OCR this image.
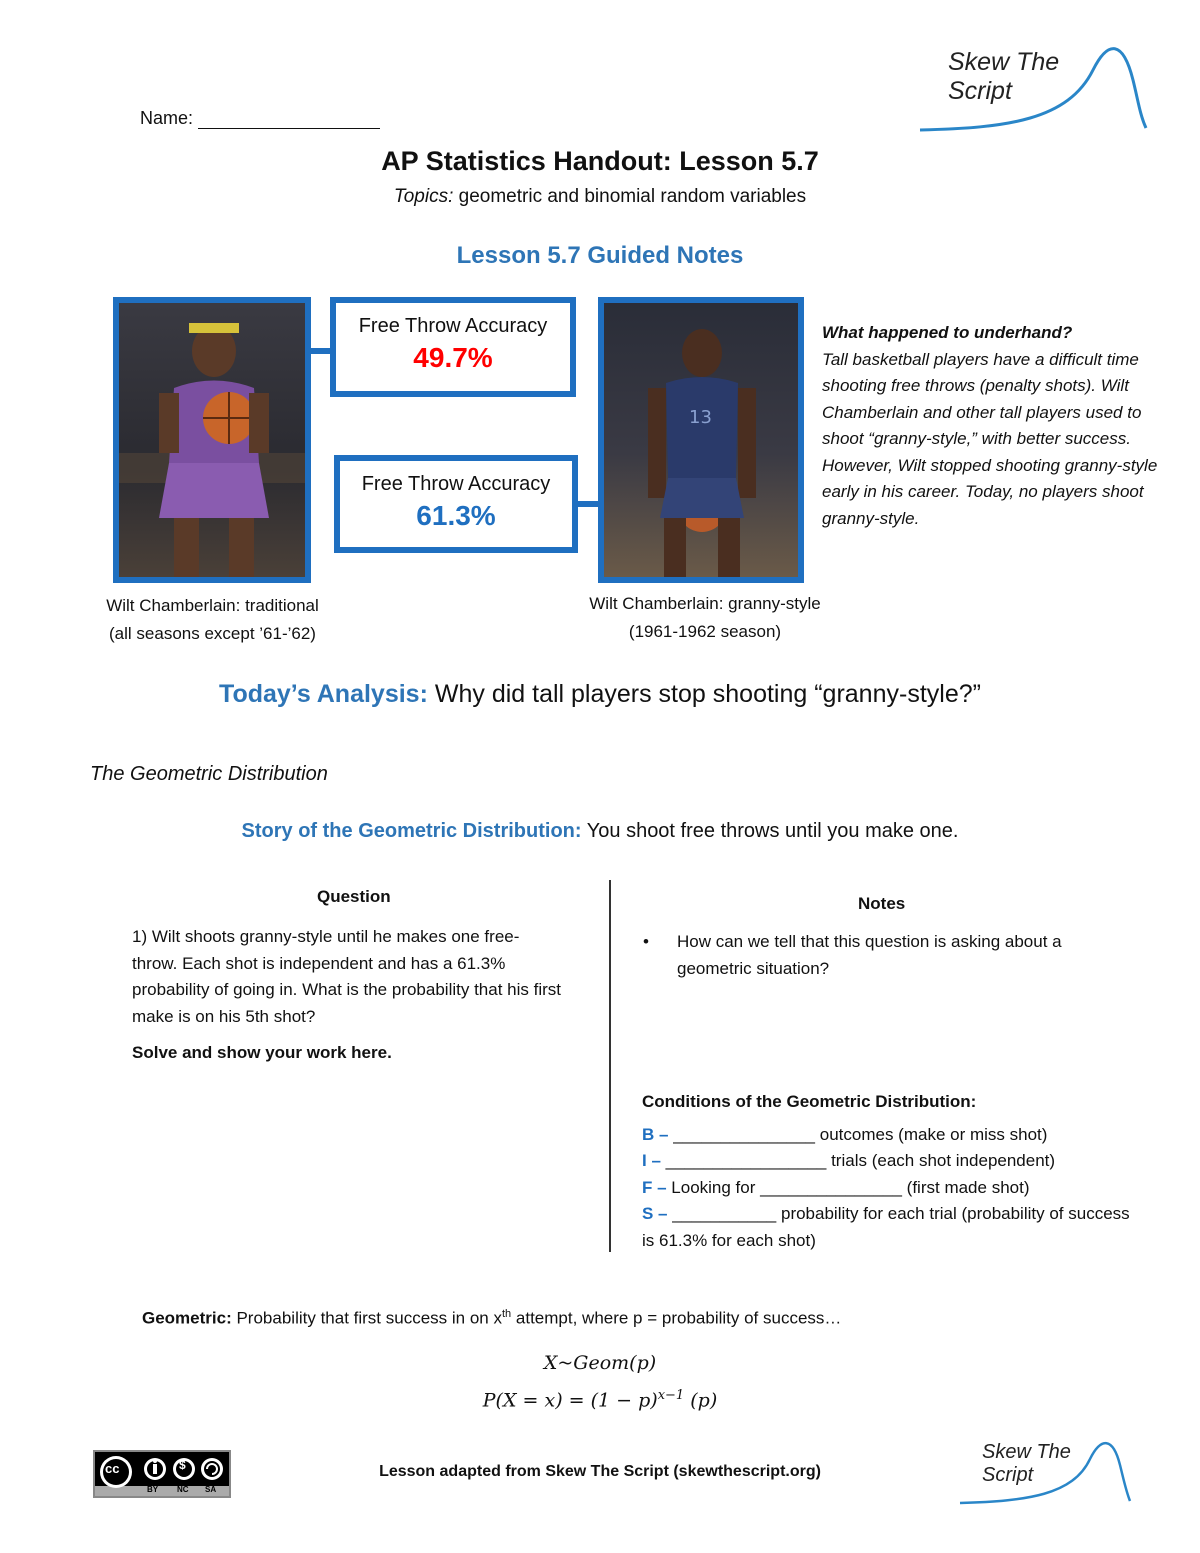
Skew The
Script
Name:
AP Statistics Handout: Lesson 5.7
Topics: geometric and binomial random variables
Lesson 5.7 Guided Notes
Free Throw Accuracy
49.7%
Free Throw Accuracy
61.3%
13
What happened to underhand?
Tall basketball players have a difficult time shooting free throws (penalty shots). Wilt Chamberlain and other tall players used to shoot “granny-style,” with better success. However, Wilt stopped shooting granny-style early in his career. Today, no players shoot granny-style.
Wilt Chamberlain: traditional
(all seasons except ’61-’62)
Wilt Chamberlain: granny-style
(1961-1962 season)
Today’s Analysis: Why did tall players stop shooting “granny-style?”
The Geometric Distribution
Story of the Geometric Distribution: You shoot free throws until you make one.
Question
1) Wilt shoots granny-style until he makes one free-throw. Each shot is independent and has a 61.3% probability of going in. What is the probability that his first make is on his 5th shot?
Solve and show your work here.
Notes
• How can we tell that this question is asking about a geometric situation?
Conditions of the Geometric Distribution:
B – _______________ outcomes (make or miss shot)
I – _________________ trials (each shot independent)
F – Looking for _______________ (first made shot)
S – ___________ probability for each trial (probability of success is 61.3% for each shot)
Geometric: Probability that first success in on $x^{th}$ attempt, where p = probability of success…
X~Geom(p)
$P(X = x) = (1 - p)^{x-1}$ (p)
cc	$
BY NC SA
Lesson adapted from Skew The Script (skewthescript.org)
Skew The
Script
